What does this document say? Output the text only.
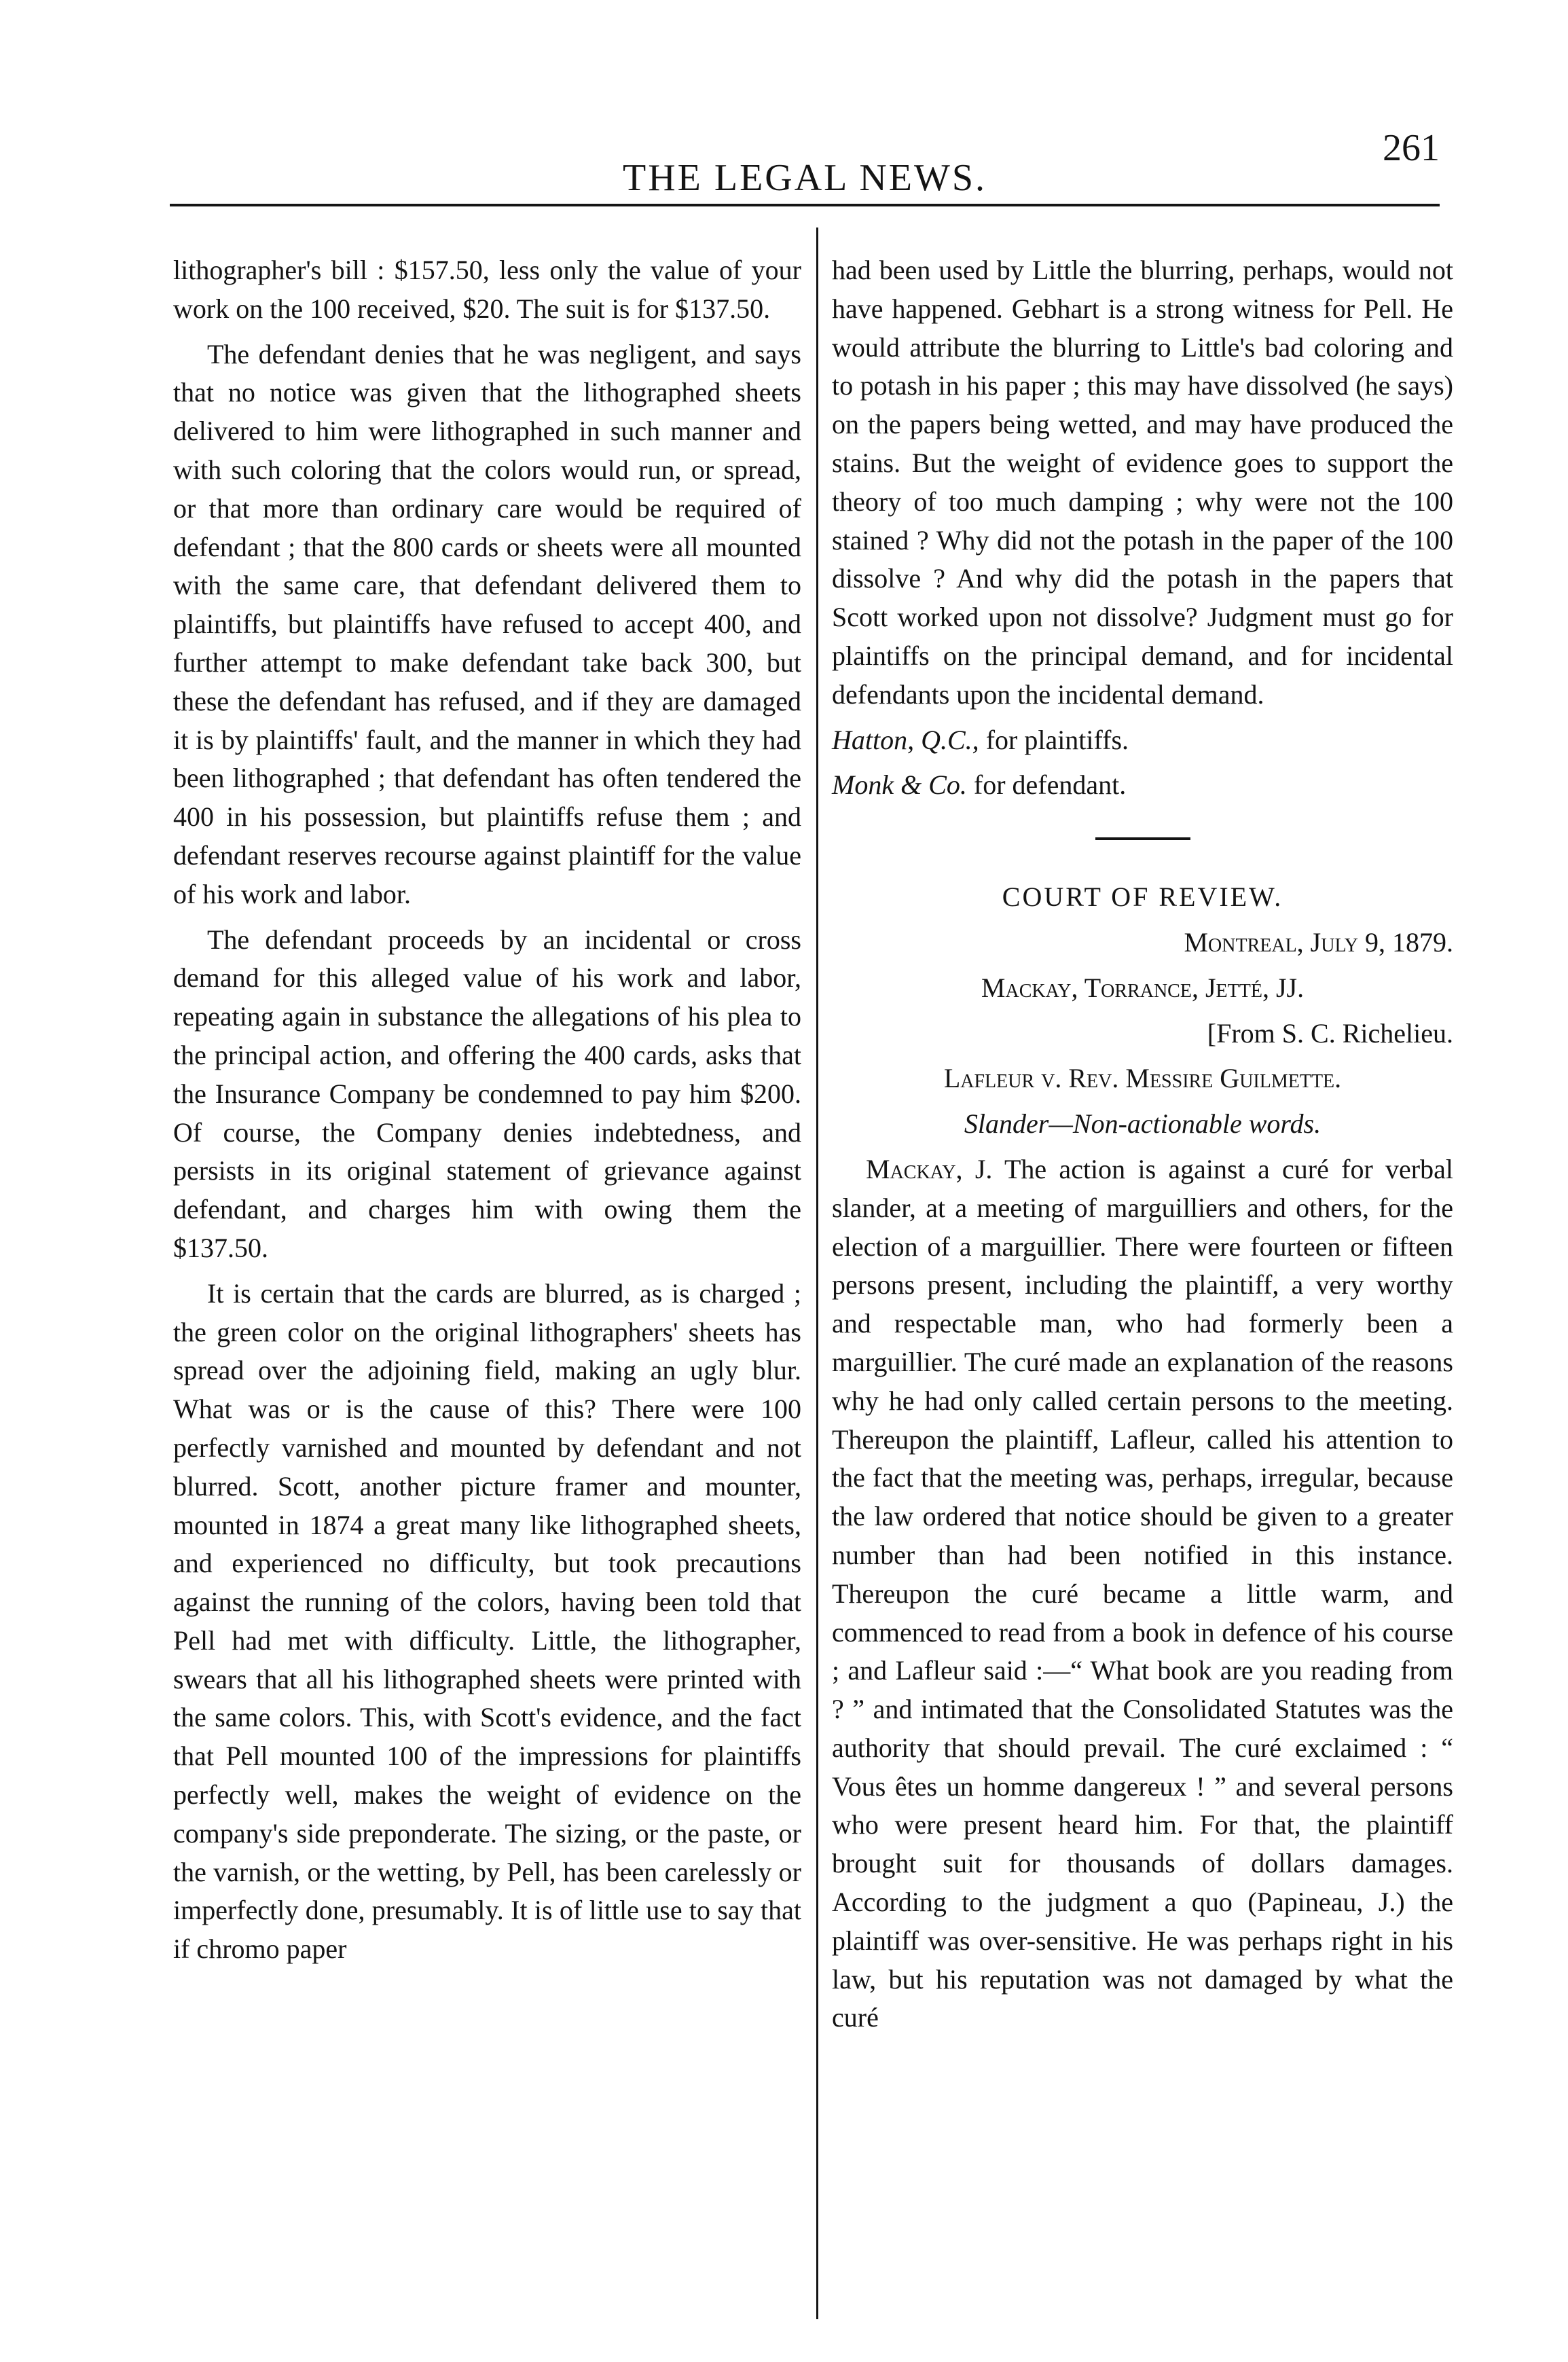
THE LEGAL NEWS.
261

lithographer's bill : $157.50, less only the value of your work on the 100 received, $20. The suit is for $137.50.

The defendant denies that he was negligent, and says that no notice was given that the lithographed sheets delivered to him were lithographed in such manner and with such coloring that the colors would run, or spread, or that more than ordinary care would be required of defendant ; that the 800 cards or sheets were all mounted with the same care, that defendant delivered them to plaintiffs, but plaintiffs have refused to accept 400, and further attempt to make defendant take back 300, but these the defendant has refused, and if they are damaged it is by plaintiffs' fault, and the manner in which they had been lithographed ; that defendant has often tendered the 400 in his possession, but plaintiffs refuse them ; and defendant reserves recourse against plaintiff for the value of his work and labor.

The defendant proceeds by an incidental or cross demand for this alleged value of his work and labor, repeating again in substance the allegations of his plea to the principal action, and offering the 400 cards, asks that the Insurance Company be condemned to pay him $200. Of course, the Company denies indebtedness, and persists in its original statement of grievance against defendant, and charges him with owing them the $137.50.

It is certain that the cards are blurred, as is charged ; the green color on the original lithographers' sheets has spread over the adjoining field, making an ugly blur. What was or is the cause of this? There were 100 perfectly varnished and mounted by defendant and not blurred. Scott, another picture framer and mounter, mounted in 1874 a great many like lithographed sheets, and experienced no difficulty, but took precautions against the running of the colors, having been told that Pell had met with difficulty. Little, the lithographer, swears that all his lithographed sheets were printed with the same colors. This, with Scott's evidence, and the fact that Pell mounted 100 of the impressions for plaintiffs perfectly well, makes the weight of evidence on the company's side preponderate. The sizing, or the paste, or the varnish, or the wetting, by Pell, has been carelessly or imperfectly done, presumably. It is of little use to say that if chromo paper

had been used by Little the blurring, perhaps, would not have happened. Gebhart is a strong witness for Pell. He would attribute the blurring to Little's bad coloring and to potash in his paper ; this may have dissolved (he says) on the papers being wetted, and may have produced the stains. But the weight of evidence goes to support the theory of too much damping ; why were not the 100 stained ? Why did not the potash in the paper of the 100 dissolve ? And why did the potash in the papers that Scott worked upon not dissolve? Judgment must go for plaintiffs on the principal demand, and for incidental defendants upon the incidental demand.

Hatton, Q.C., for plaintiffs.

Monk & Co. for defendant.

COURT OF REVIEW.

Montreal, July 9, 1879.

Mackay, Torrance, Jetté, JJ.

[From S. C. Richelieu.

Lafleur v. Rev. Messire Guilmette.

Slander—Non-actionable words.

Mackay, J. The action is against a curé for verbal slander, at a meeting of marguilliers and others, for the election of a marguillier. There were fourteen or fifteen persons present, including the plaintiff, a very worthy and respectable man, who had formerly been a marguillier. The curé made an explanation of the reasons why he had only called certain persons to the meeting. Thereupon the plaintiff, Lafleur, called his attention to the fact that the meeting was, perhaps, irregular, because the law ordered that notice should be given to a greater number than had been notified in this instance. Thereupon the curé became a little warm, and commenced to read from a book in defence of his course ; and Lafleur said :—“ What book are you reading from ? ” and intimated that the Consolidated Statutes was the authority that should prevail. The curé exclaimed : “ Vous êtes un homme dangereux ! ” and several persons who were present heard him. For that, the plaintiff brought suit for thousands of dollars damages. According to the judgment a quo (Papineau, J.) the plaintiff was over-sensitive. He was perhaps right in his law, but his reputation was not damaged by what the curé
